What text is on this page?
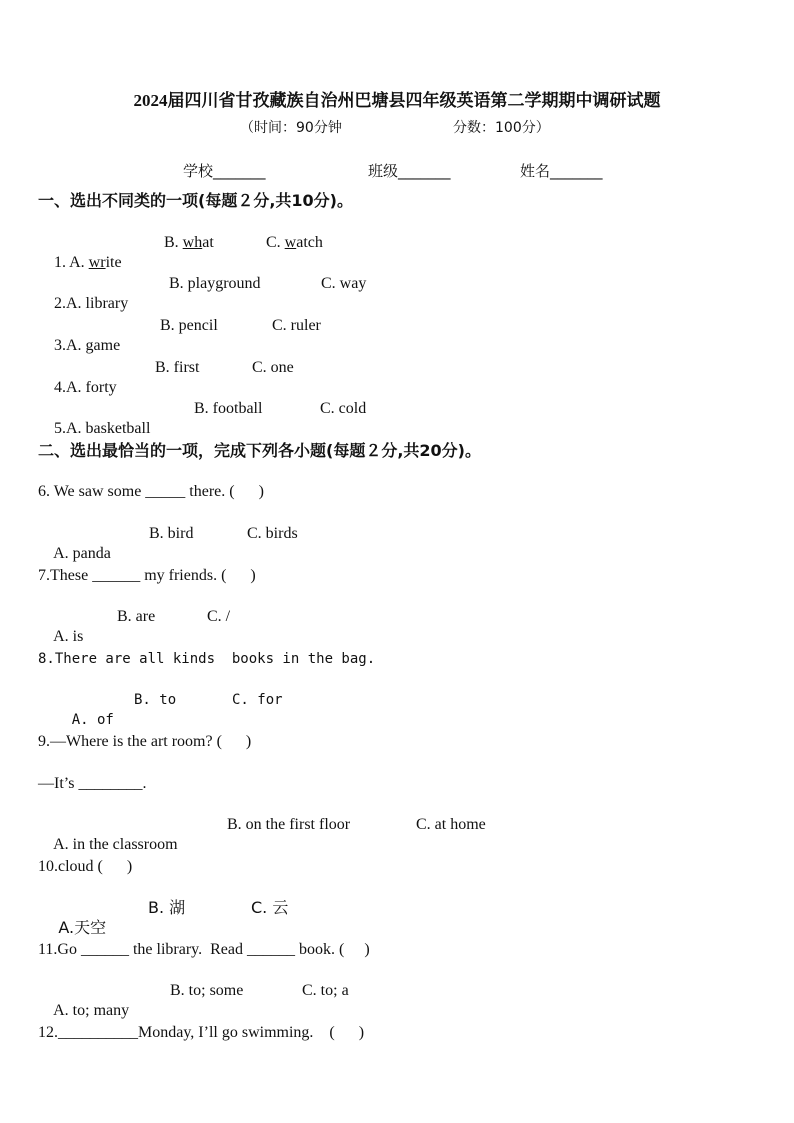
2024届四川省甘孜藏族自治州巴塘县四年级英语第二学期期中调研试题
（时间：90分钟	分数：100分）
学校_______	班级_______	姓名_______
一、选出不同类的一项(每题２分,共10分)。

1. A. write

B. what

	C. watch

2.A. library

B. playground

	C. way

3.A. game

B. pencil

	C. ruler

4.A. forty

B. first

	C. one

5.A. basketball

B. football

	C. cold

二、选出最恰当的一项，完成下列各小题(每题２分,共20分)。
6. We saw some _____ there. (      )

A. panda

B. bird

	C. birds

7.These ______ my friends. (      )

A. is

B. are

	C. /

8.There are all kinds  books in the bag.

A. of

B. to

	C. for

9.—Where is the art room? (      )
—It’s ________.

A. in the classroom

B. on the first floor

	C. at home

10.cloud (      )

A.天空

B. 湖

	C. 云

11.Go ______ the library.  Read ______ book. (     )

A. to; many

B. to; some

	C. to; a

12.__________Monday, I’ll go swimming.    (      )
